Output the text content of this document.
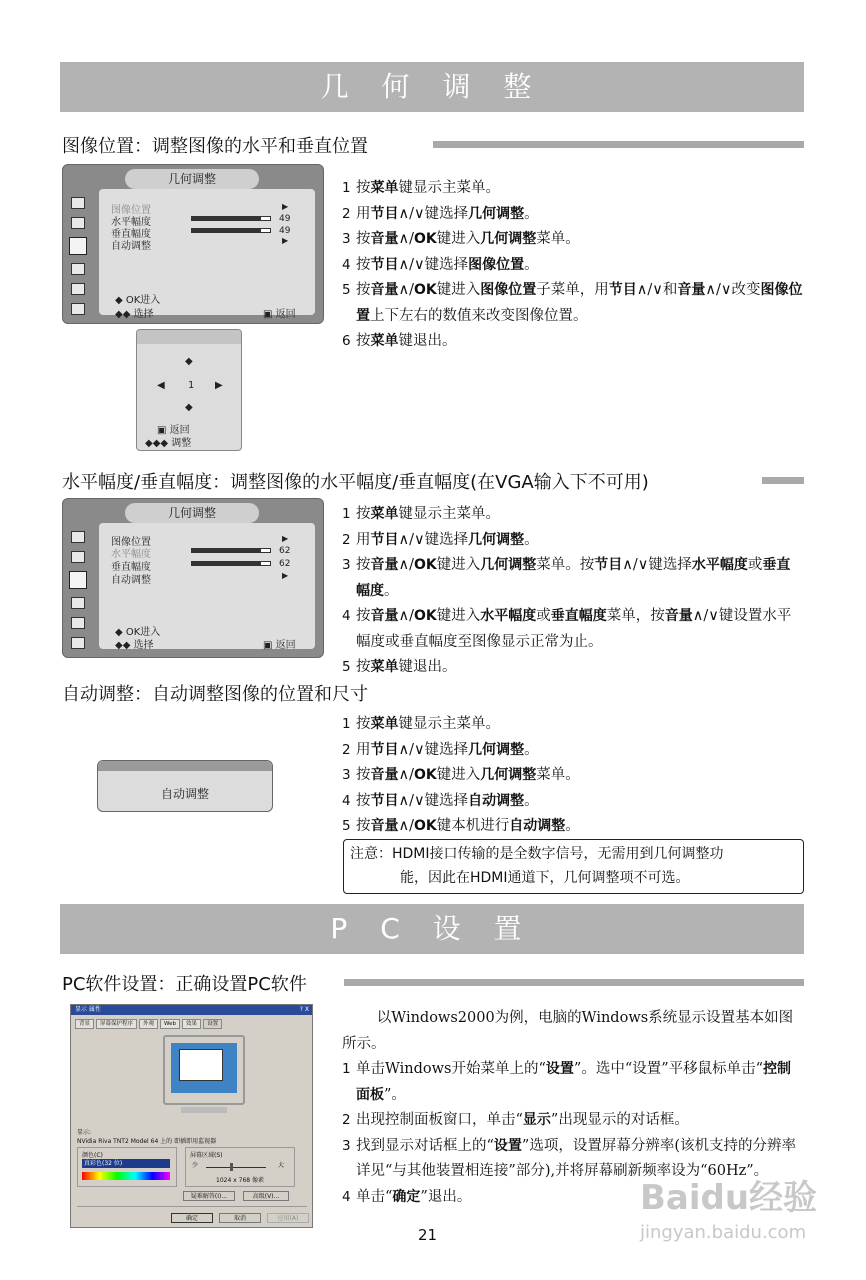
几 何 调 整
图像位置：调整图像的水平和垂直位置
几何调整
图像位置	▶
水平幅度	49
垂直幅度	49
自动调整
▶
◆ OK进入
◆◆ 选择	▣ 返回
◆
◀ 1 ▶
◆
▣ 返回
◆◆◆ 调整
1 按菜单键显示主菜单。
2 用节目∧/∨键选择几何调整。
3 按音量∧/OK键进入几何调整菜单。
4 按节目∧/∨键选择图像位置。
5 按音量∧/OK键进入图像位置子菜单，用节目∧/∨和音量∧/∨改变图像位置上下左右的数值来改变图像位置。
6 按菜单键退出。
水平幅度/垂直幅度：调整图像的水平幅度/垂直幅度(在VGA输入下不可用)
几何调整
图像位置	▶
水平幅度	62
垂直幅度	62
自动调整	▶
◆ OK进入
◆◆ 选择	▣ 返回
1 按菜单键显示主菜单。
2 用节目∧/∨键选择几何调整。
3 按音量∧/OK键进入几何调整菜单。按节目∧/∨键选择水平幅度或垂直幅度。
4 按音量∧/OK键进入水平幅度或垂直幅度菜单，按音量∧/∨键设置水平幅度或垂直幅度至图像显示正常为止。
5 按菜单键退出。
自动调整：自动调整图像的位置和尺寸
自动调整
1 按菜单键显示主菜单。
2 用节目∧/∨键选择几何调整。
3 按音量∧/OK键进入几何调整菜单。
4 按节目∧/∨键选择自动调整。
5 按音量∧/OK键本机进行自动调整。
注意：HDMI接口传输的是全数字信号，无需用到几何调整功
能，因此在HDMI通道下，几何调整项不可选。
P C 设 置
PC软件设置：正确设置PC软件
显示 属性	? X
背景	屏幕保护程序	外观	Web	效果	设置
显示:
NVidia Riva TNT2 Model 64 上的 即插即用监视器
颜色(C)
真彩色(32 位)
屏幕区域(S)
少	大
1024 x 768 像素
疑难解答(I)...	高级(V)...
确定	取消	应用(A)
以Windows2000为例，电脑的Windows系统显示设置基本如图所示。
1 单击Windows开始菜单上的“设置”。选中“设置”平移鼠标单击“控制面板”。
2 出现控制面板窗口，单击“显示”出现显示的对话框。
3 找到显示对话框上的“设置”选项，设置屏幕分辨率(该机支持的分辨率详见“与其他装置相连接”部分),并将屏幕刷新频率设为“60Hz”。
4 单击“确定”退出。	Baidu经验
jingyan.baidu.com
21
